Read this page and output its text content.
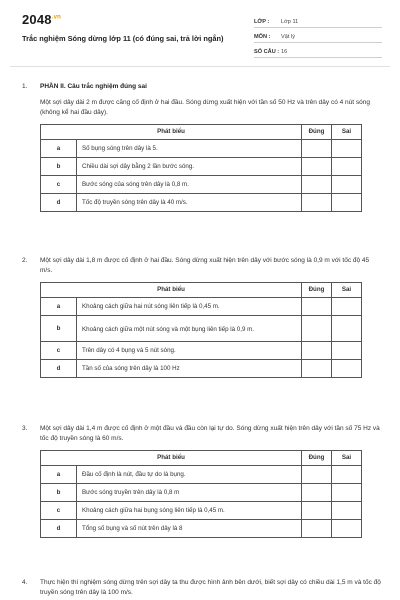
$2048^{.vn}$
Trắc nghiệm Sóng dừng lớp 11 (có đúng sai, trả lời ngắn)
LỚP :	Lớp 11
MÔN :	Vật lý
SỐ CÂU : 16
1. PHẦN II. Câu trắc nghiệm đúng sai

Một sợi dây dài 2 m được căng cố định ở hai đầu. Sóng dừng xuất hiện với tần số 50 Hz và trên dây có 4 nút sóng (không kể hai đầu dây).

Phát biểu		Đúng	Sai
a	Số bụng sóng trên dây là 5.		
b	Chiều dài sợi dây bằng 2 lần bước sóng.		
c	Bước sóng của sóng trên dây là 0,8 m.		
d	Tốc độ truyền sóng trên dây là 40 m/s.		
2. Một sợi dây dài 1,8 m được cố định ở hai đầu. Sóng dừng xuất hiện trên dây với bước sóng là 0,9 m với tốc độ 45 m/s.
Phát biểu		Đúng	Sai
a	Khoảng cách giữa hai nút sóng liên tiếp là 0,45 m.		
b	Khoảng cách giữa một nút sóng và một bụng liên tiếp là 0,9 m.		
c	Trên dây có 4 bụng và 5 nút sóng.		
d	Tần số của sóng trên dây là 100 Hz		
3. Một sợi dây dài 1,4 m được cố định ở một đầu và đầu còn lại tự do. Sóng dừng xuất hiện trên dây với tần số 75 Hz và tốc độ truyền sóng là 60 m/s.
Phát biểu		Đúng	Sai
a	Đầu cố định là nút, đầu tự do là bụng.		
b	Bước sóng truyền trên dây là 0,8 m		
c	Khoảng cách giữa hai bụng sóng liên tiếp là 0,45 m.		
d	Tổng số bụng và số nút trên dây là 8		
4. Thực hiện thí nghiệm sóng dừng trên sợi dây ta thu được hình ảnh bên dưới, biết sợi dây có chiều dài 1,5 m và tốc độ truyền sóng trên dây là 100 m/s.
